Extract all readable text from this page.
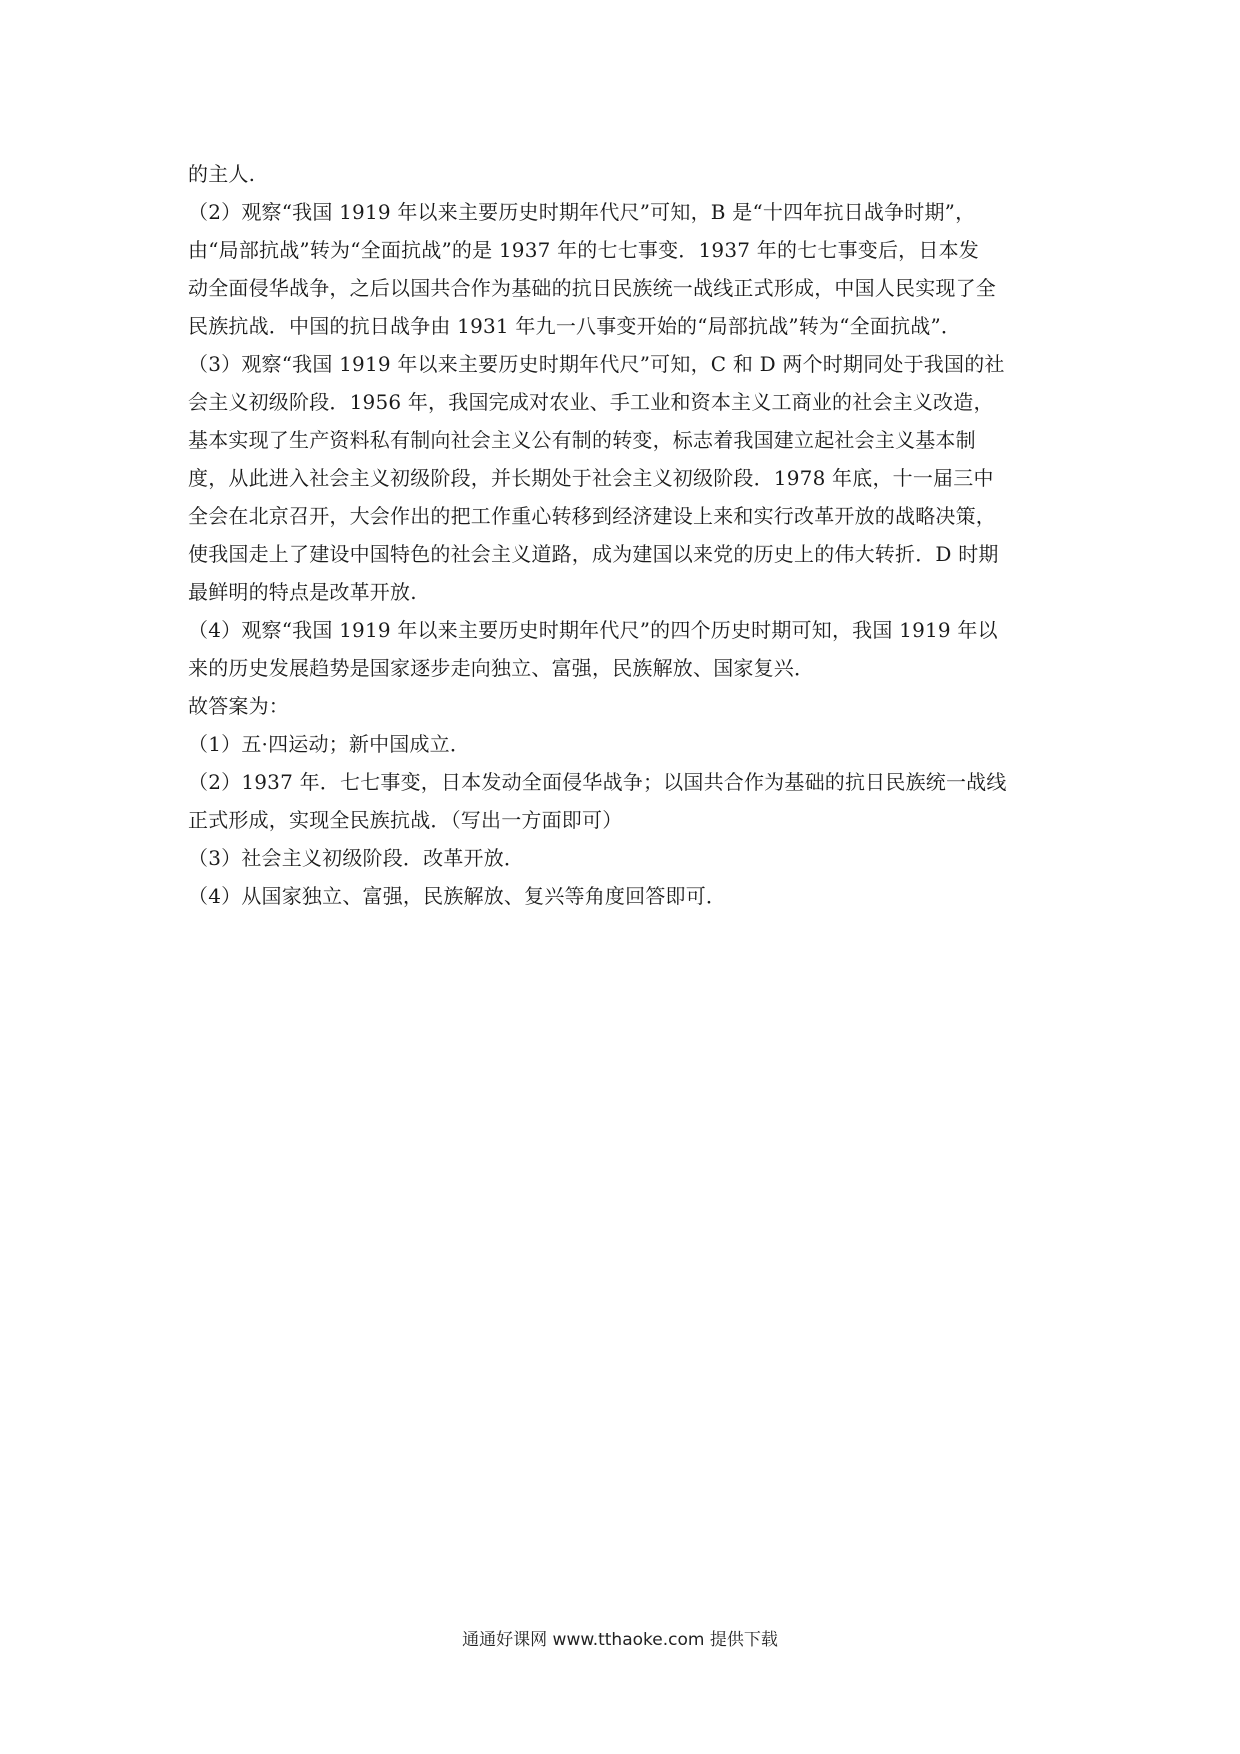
的主人.
（2）观察“我国 1919 年以来主要历史时期年代尺”可知，B 是“十四年抗日战争时期”，
由“局部抗战”转为“全面抗战”的是 1937 年的七七事变．1937 年的七七事变后，日本发
动全面侵华战争，之后以国共合作为基础的抗日民族统一战线正式形成，中国人民实现了全
民族抗战．中国的抗日战争由 1931 年九一八事变开始的“局部抗战”转为“全面抗战”．
（3）观察“我国 1919 年以来主要历史时期年代尺”可知，C 和 D 两个时期同处于我国的社
会主义初级阶段．1956 年，我国完成对农业、手工业和资本主义工商业的社会主义改造，
基本实现了生产资料私有制向社会主义公有制的转变，标志着我国建立起社会主义基本制
度，从此进入社会主义初级阶段，并长期处于社会主义初级阶段．1978 年底，十一届三中
全会在北京召开，大会作出的把工作重心转移到经济建设上来和实行改革开放的战略决策，
使我国走上了建设中国特色的社会主义道路，成为建国以来党的历史上的伟大转折．D 时期
最鲜明的特点是改革开放.
（4）观察“我国 1919 年以来主要历史时期年代尺”的四个历史时期可知，我国 1919 年以
来的历史发展趋势是国家逐步走向独立、富强，民族解放、国家复兴．
故答案为：
（1）五·四运动；新中国成立．
（2）1937 年．七七事变，日本发动全面侵华战争；以国共合作为基础的抗日民族统一战线
正式形成，实现全民族抗战．（写出一方面即可）
（3）社会主义初级阶段．改革开放．
（4）从国家独立、富强，民族解放、复兴等角度回答即可．
通通好课网 www.tthaoke.com 提供下载
